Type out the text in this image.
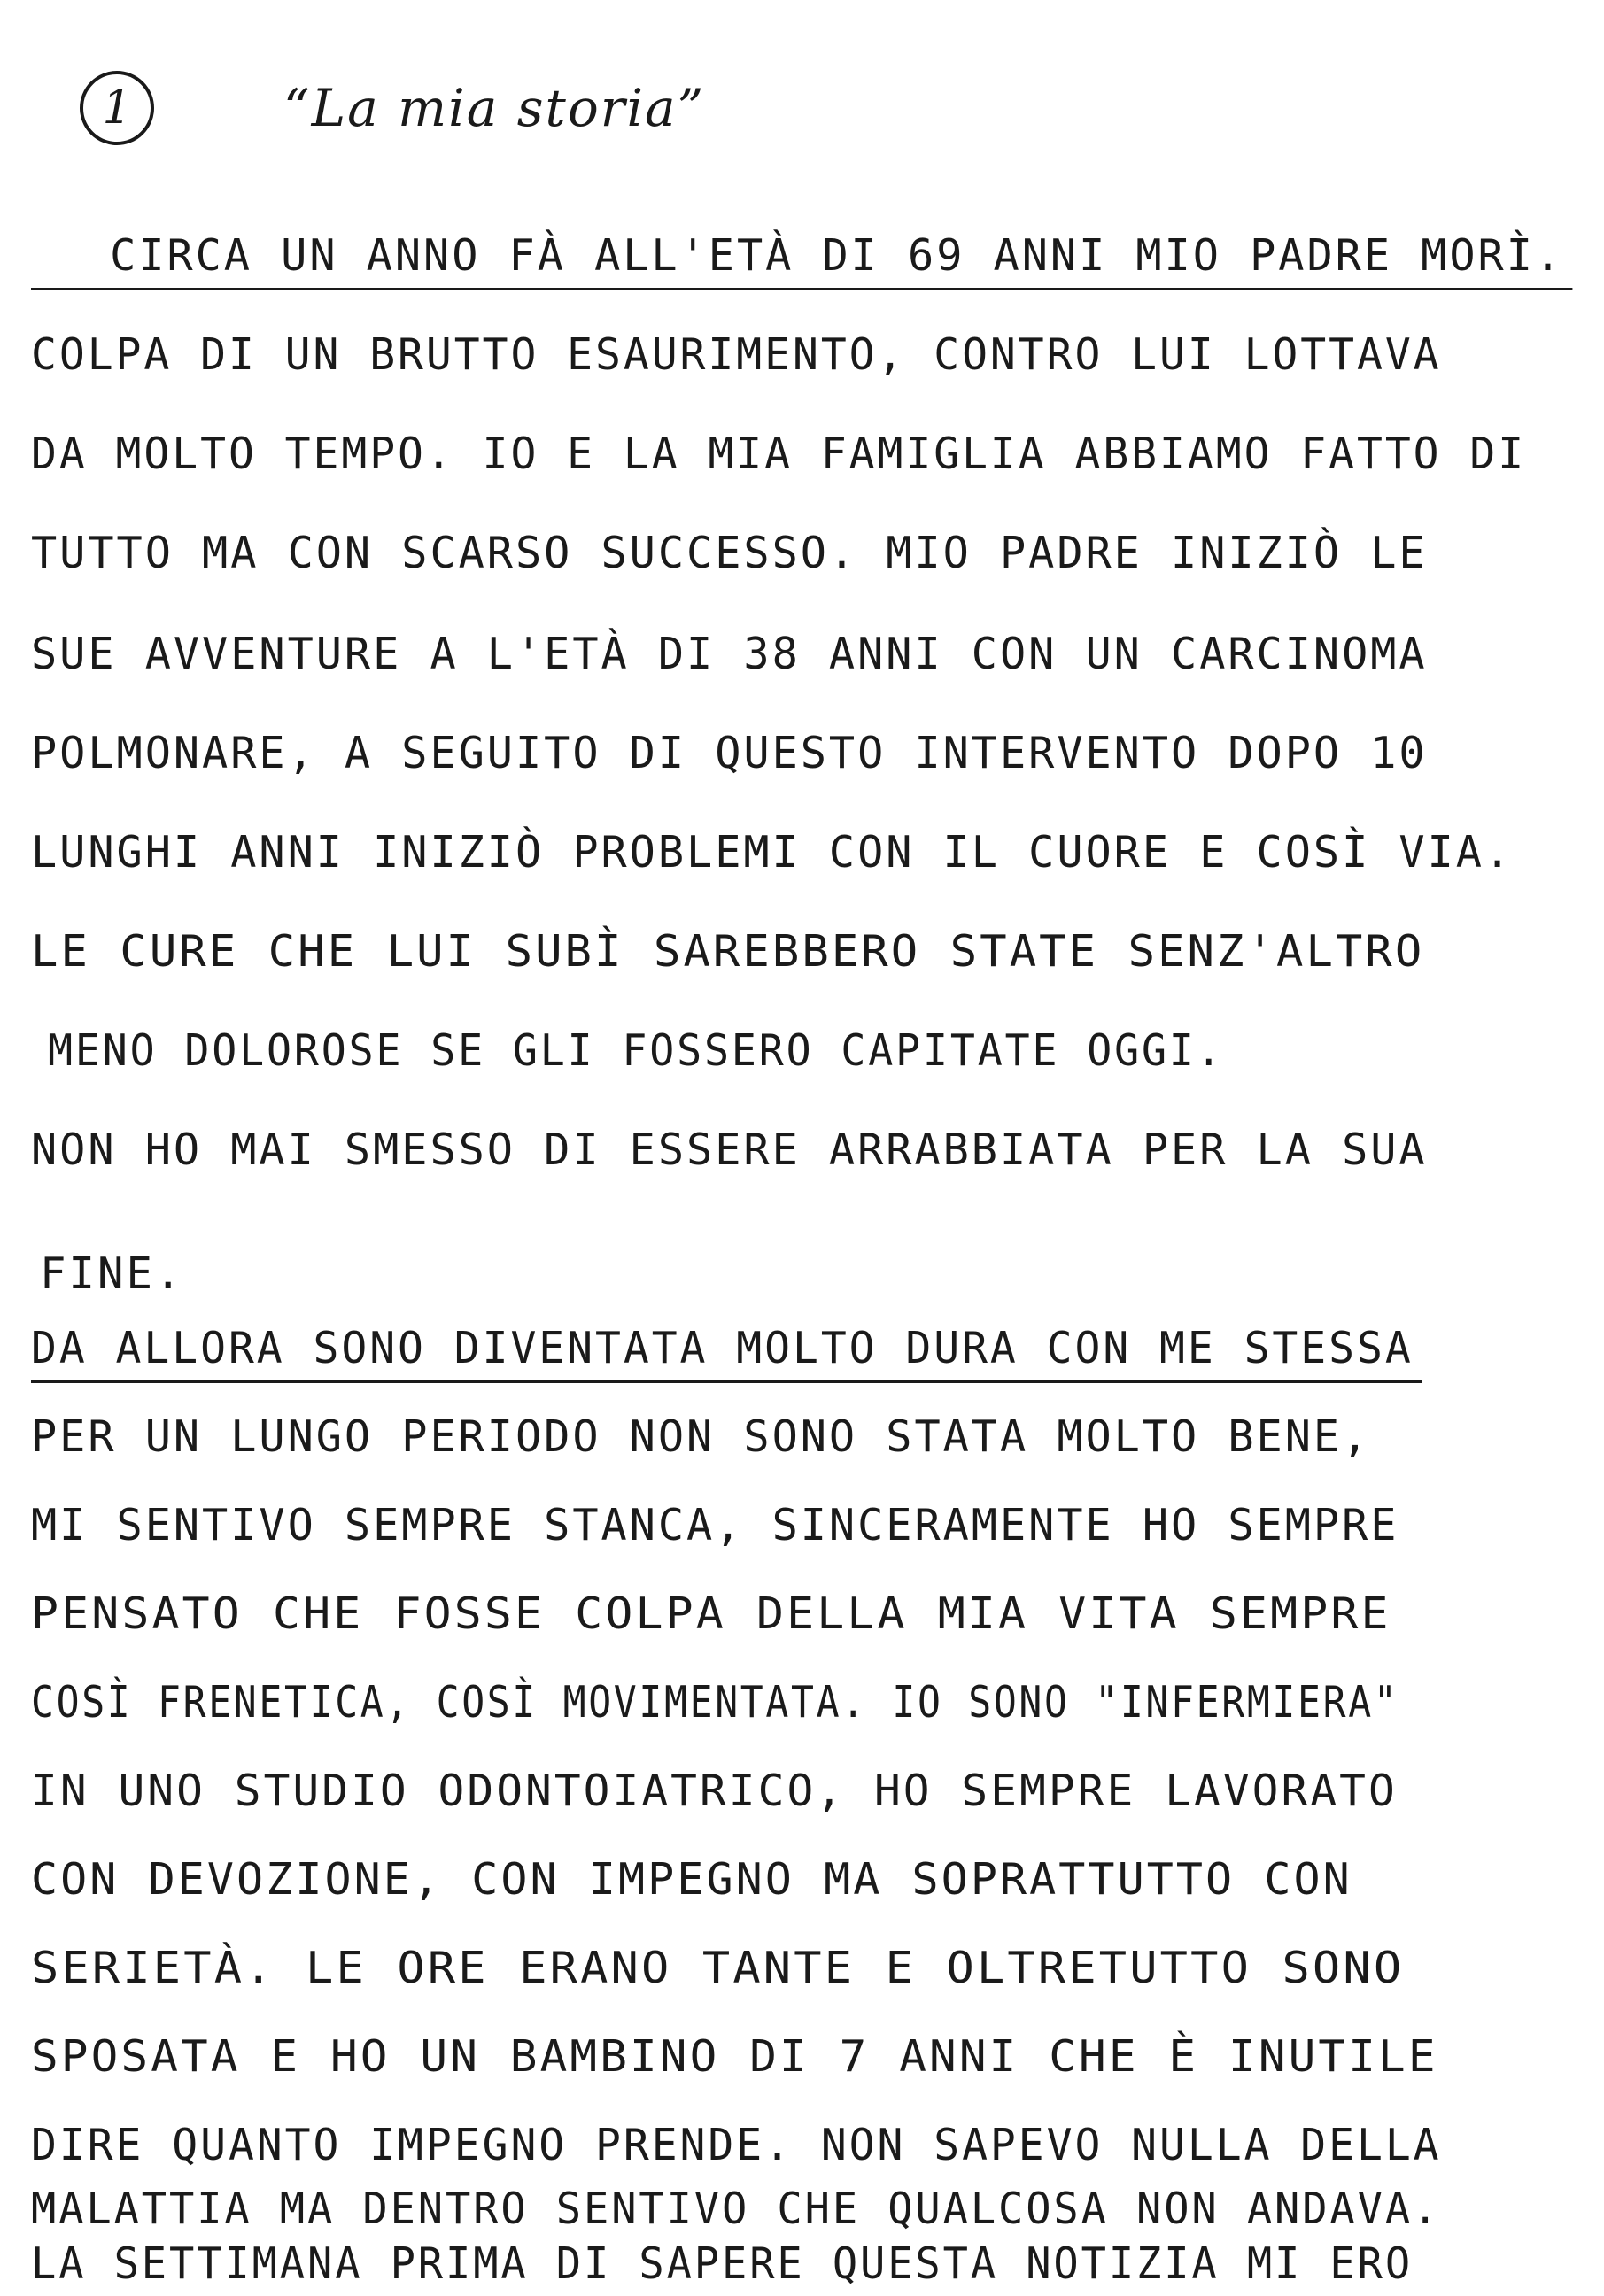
1	“La mia storia”
CIRCA UN ANNO FÀ ALL'ETÀ DI 69 ANNI MIO PADRE MORÌ.
COLPA DI UN BRUTTO ESAURIMENTO, CONTRO LUI LOTTAVA
DA MOLTO TEMPO. IO E LA MIA FAMIGLIA ABBIAMO FATTO DI
TUTTO MA CON SCARSO SUCCESSO. MIO PADRE INIZIÒ LE
SUE AVVENTURE A L'ETÀ DI 38 ANNI CON UN CARCINOMA
POLMONARE, A SEGUITO DI QUESTO INTERVENTO DOPO 10
LUNGHI ANNI INIZIÒ PROBLEMI CON IL CUORE E COSÌ VIA.
LE CURE CHE LUI SUBÌ SAREBBERO STATE SENZ'ALTRO
MENO DOLOROSE SE GLI FOSSERO CAPITATE OGGI.
NON HO MAI SMESSO DI ESSERE ARRABBIATA PER LA SUA
FINE.
DA ALLORA SONO DIVENTATA MOLTO DURA CON ME STESSA
PER UN LUNGO PERIODO NON SONO STATA MOLTO BENE,
MI SENTIVO SEMPRE STANCA, SINCERAMENTE HO SEMPRE
PENSATO CHE FOSSE COLPA DELLA MIA VITA SEMPRE
COSÌ FRENETICA, COSÌ MOVIMENTATA. IO SONO "INFERMIERA"
IN UNO STUDIO ODONTOIATRICO, HO SEMPRE LAVORATO
CON DEVOZIONE, CON IMPEGNO MA SOPRATTUTTO CON
SERIETÀ. LE ORE ERANO TANTE E OLTRETUTTO SONO
SPOSATA E HO UN BAMBINO DI 7 ANNI CHE È INUTILE
DIRE QUANTO IMPEGNO PRENDE. NON SAPEVO NULLA DELLA
MALATTIA MA DENTRO SENTIVO CHE QUALCOSA NON ANDAVA.
LA SETTIMANA PRIMA DI SAPERE QUESTA NOTIZIA MI ERO
